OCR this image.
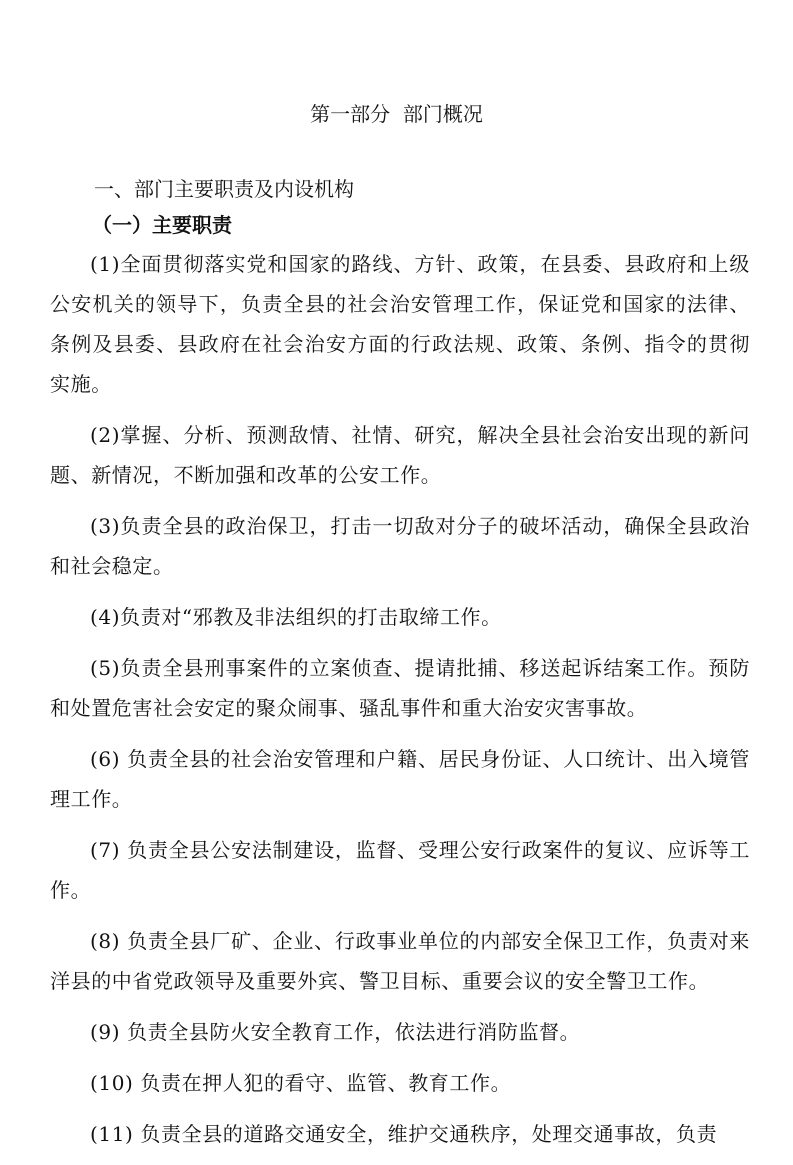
第一部分  部门概况
一、部门主要职责及内设机构
（一）主要职责

(1)全面贯彻落实党和国家的路线、方针、政策，在县委、县政府和上级公安机关的领导下，负责全县的社会治安管理工作，保证党和国家的法律、条例及县委、县政府在社会治安方面的行政法规、政策、条例、指令的贯彻实施。

(2)掌握、分析、预测敌情、社情、研究，解决全县社会治安出现的新问题、新情况，不断加强和改革的公安工作。

(3)负责全县的政治保卫，打击一切敌对分子的破坏活动，确保全县政治和社会稳定。

(4)负责对“邪教及非法组织的打击取缔工作。

(5)负责全县刑事案件的立案侦查、提请批捕、移送起诉结案工作。预防和处置危害社会安定的聚众闹事、骚乱事件和重大治安灾害事故。

(6) 负责全县的社会治安管理和户籍、居民身份证、人口统计、出入境管理工作。

(7) 负责全县公安法制建设，监督、受理公安行政案件的复议、应诉等工作。

(8) 负责全县厂矿、企业、行政事业单位的内部安全保卫工作，负责对来洋县的中省党政领导及重要外宾、警卫目标、重要会议的安全警卫工作。

(9) 负责全县防火安全教育工作，依法进行消防监督。

(10) 负责在押人犯的看守、监管、教育工作。

(11) 负责全县的道路交通安全，维护交通秩序，处理交通事故，负责
